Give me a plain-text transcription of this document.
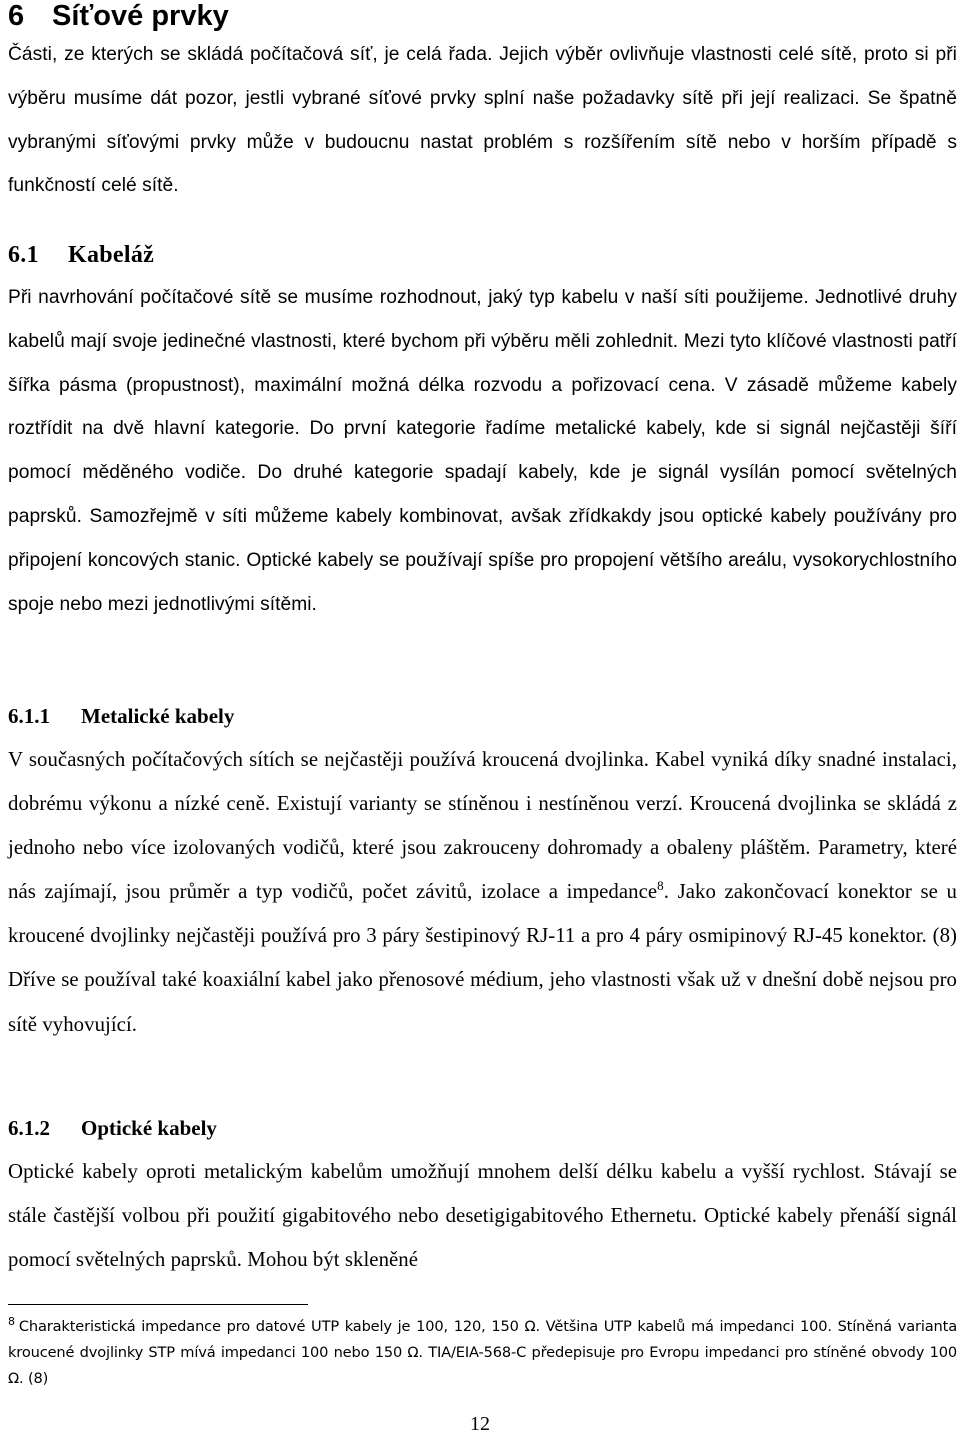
6 Síťové prvky

Části, ze kterých se skládá počítačová síť, je celá řada. Jejich výběr ovlivňuje vlastnosti celé sítě, proto si při výběru musíme dát pozor, jestli vybrané síťové prvky splní naše požadavky sítě při její realizaci. Se špatně vybranými síťovými prvky může v budoucnu nastat problém s rozšířením sítě nebo v horším případě s funkčností celé sítě.

6.1 Kabeláž

Při navrhování počítačové sítě se musíme rozhodnout, jaký typ kabelu v naší síti použijeme. Jednotlivé druhy kabelů mají svoje jedinečné vlastnosti, které bychom při výběru měli zohlednit. Mezi tyto klíčové vlastnosti patří šířka pásma (propustnost), maximální možná délka rozvodu a pořizovací cena. V zásadě můžeme kabely roztřídit na dvě hlavní kategorie. Do první kategorie řadíme metalické kabely, kde si signál nejčastěji šíří pomocí měděného vodiče. Do druhé kategorie spadají kabely, kde je signál vysílán pomocí světelných paprsků. Samozřejmě v síti můžeme kabely kombinovat, avšak zřídkakdy jsou optické kabely používány pro připojení koncových stanic. Optické kabely se používají spíše pro propojení většího areálu, vysokorychlostního spoje nebo mezi jednotlivými sítěmi.

6.1.1 Metalické kabely

V současných počítačových sítích se nejčastěji používá kroucená dvojlinka. Kabel vyniká díky snadné instalaci, dobrému výkonu a nízké ceně. Existují varianty se stíněnou i nestíněnou verzí. Kroucená dvojlinka se skládá z jednoho nebo více izolovaných vodičů, které jsou zakrouceny dohromady a obaleny pláštěm. Parametry, které nás zajímají, jsou průměr a typ vodičů, počet závitů, izolace a impedance$^8$. Jako zakončovací konektor se u kroucené dvojlinky nejčastěji používá pro 3 páry šestipinový RJ-11 a pro 4 páry osmipinový RJ-45 konektor. (8) Dříve se používal také koaxiální kabel jako přenosové médium, jeho vlastnosti však už v dnešní době nejsou pro sítě vyhovující.

6.1.2 Optické kabely

Optické kabely oproti metalickým kabelům umožňují mnohem delší délku kabelu a vyšší rychlost. Stávají se stále častější volbou při použití gigabitového nebo desetigigabitového Ethernetu. Optické kabely přenáší signál pomocí světelných paprsků. Mohou být skleněné

$^8$ Charakteristická impedance pro datové UTP kabely je 100, 120, 150 Ω. Většina UTP kabelů má impedanci 100. Stíněná varianta kroucené dvojlinky STP mívá impedanci 100 nebo 150 Ω. TIA/EIA-568-C předepisuje pro Evropu impedanci pro stíněné obvody 100 Ω. (8)

12
